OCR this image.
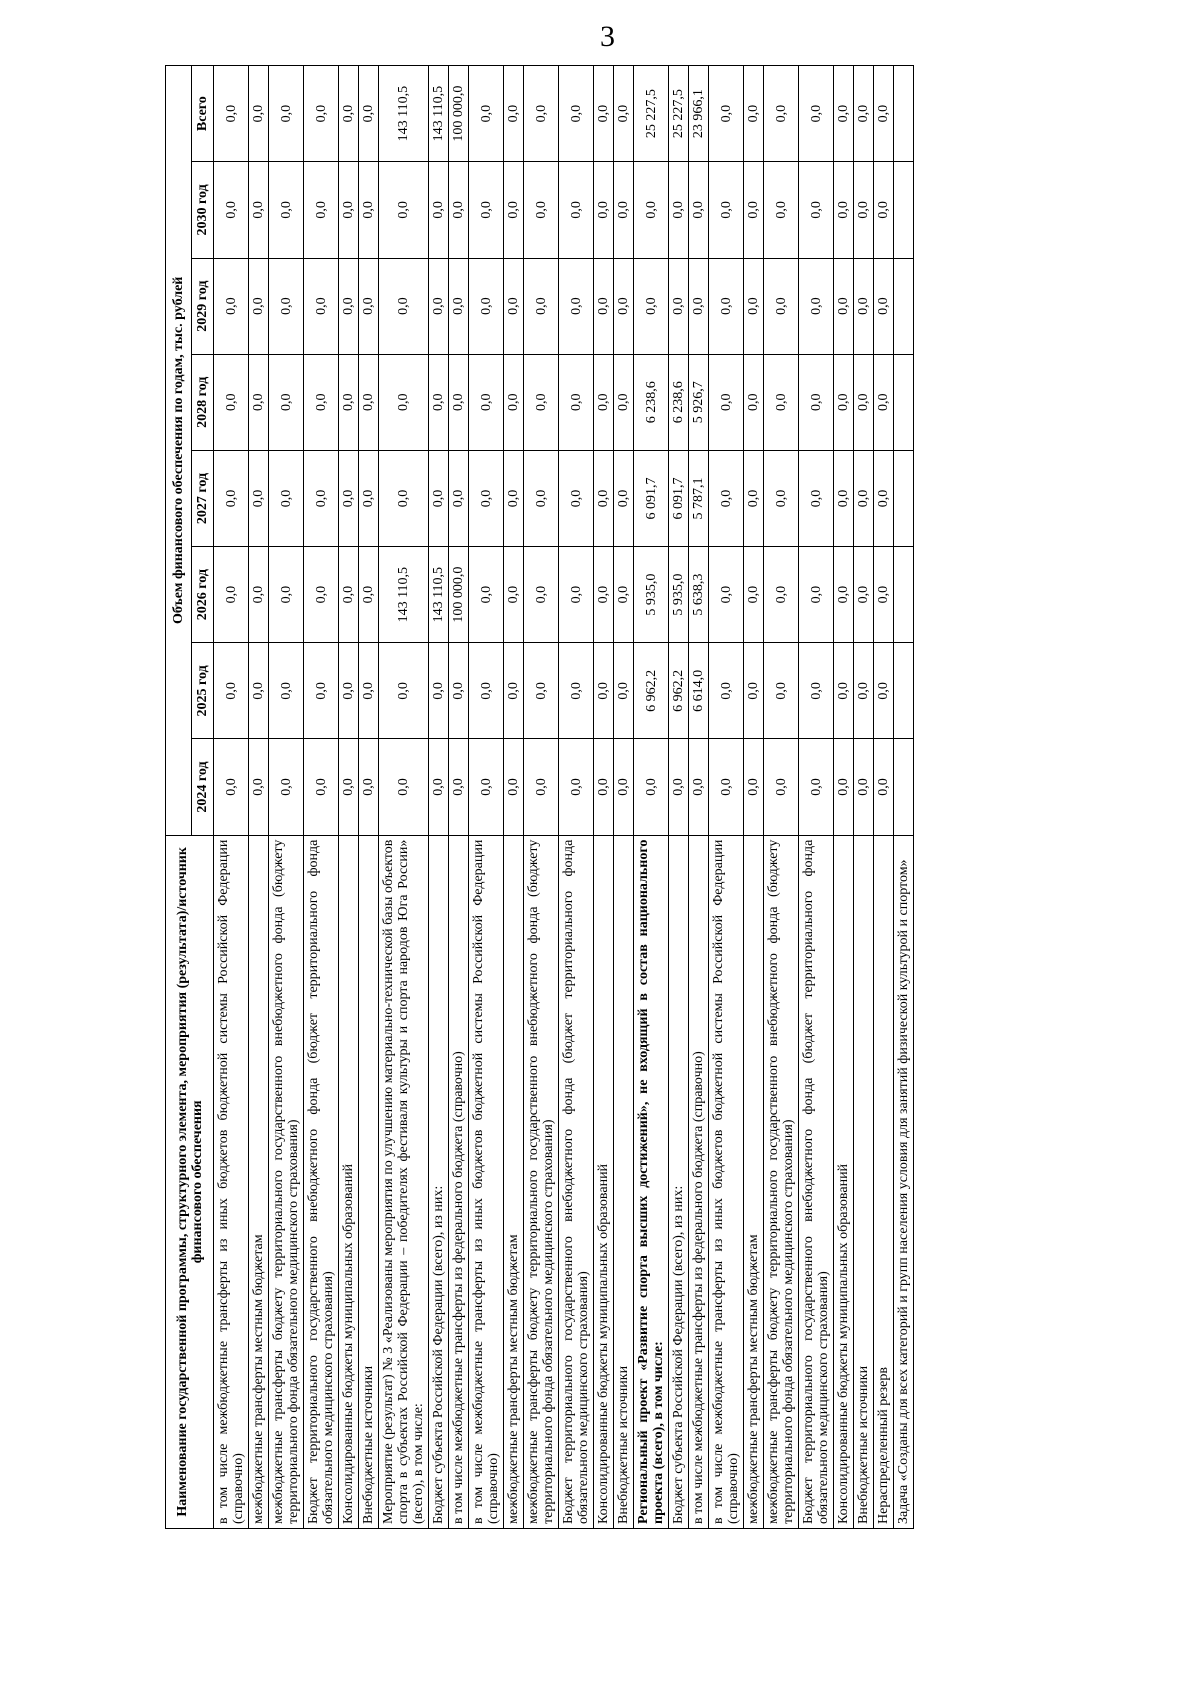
3
Наименование государственной программы, структурного элемента, мероприятия (результата)/источник финансового обеспечения	Объем финансового обеспечения по годам, тыс. рублей							
	2024 год	2025 год	2026 год	2027 год	2028 год	2029 год	2030 год	Всего
в том числе межбюджетные трансферты из иных бюджетов бюджетной системы Российской Федерации (справочно)	0,0	0,0	0,0	0,0	0,0	0,0	0,0	0,0
межбюджетные трансферты местным бюджетам	0,0	0,0	0,0	0,0	0,0	0,0	0,0	0,0
межбюджетные трансферты бюджету территориального государственного внебюджетного фонда (бюджету территориального фонда обязательного медицинского страхования)	0,0	0,0	0,0	0,0	0,0	0,0	0,0	0,0
Бюджет территориального государственного внебюджетного фонда (бюджет территориального фонда обязательного медицинского страхования)	0,0	0,0	0,0	0,0	0,0	0,0	0,0	0,0
Консолидированные бюджеты муниципальных образований	0,0	0,0	0,0	0,0	0,0	0,0	0,0	0,0
Внебюджетные источники	0,0	0,0	0,0	0,0	0,0	0,0	0,0	0,0
Мероприятие (результат) № 3 «Реализованы мероприятия по улучшению материально-технической базы объектов спорта в субъектах Российской Федерации – победителях фестиваля культуры и спорта народов Юга России» (всего), в том числе:	0,0	0,0	143 110,5	0,0	0,0	0,0	0,0	143 110,5
Бюджет субъекта Российской Федерации (всего), из них:	0,0	0,0	143 110,5	0,0	0,0	0,0	0,0	143 110,5
в том числе межбюджетные трансферты из федерального бюджета (справочно)	0,0	0,0	100 000,0	0,0	0,0	0,0	0,0	100 000,0
в том числе межбюджетные трансферты из иных бюджетов бюджетной системы Российской Федерации (справочно)	0,0	0,0	0,0	0,0	0,0	0,0	0,0	0,0
межбюджетные трансферты местным бюджетам	0,0	0,0	0,0	0,0	0,0	0,0	0,0	0,0
межбюджетные трансферты бюджету территориального государственного внебюджетного фонда (бюджету территориального фонда обязательного медицинского страхования)	0,0	0,0	0,0	0,0	0,0	0,0	0,0	0,0
Бюджет территориального государственного внебюджетного фонда (бюджет территориального фонда обязательного медицинского страхования)	0,0	0,0	0,0	0,0	0,0	0,0	0,0	0,0
Консолидированные бюджеты муниципальных образований	0,0	0,0	0,0	0,0	0,0	0,0	0,0	0,0
Внебюджетные источники	0,0	0,0	0,0	0,0	0,0	0,0	0,0	0,0
Региональный проект «Развитие спорта высших достижений», не входящий в состав национального проекта (всего), в том числе:	0,0	6 962,2	5 935,0	6 091,7	6 238,6	0,0	0,0	25 227,5
Бюджет субъекта Российской Федерации (всего), из них:	0,0	6 962,2	5 935,0	6 091,7	6 238,6	0,0	0,0	25 227,5
в том числе межбюджетные трансферты из федерального бюджета (справочно)	0,0	6 614,0	5 638,3	5 787,1	5 926,7	0,0	0,0	23 966,1
в том числе межбюджетные трансферты из иных бюджетов бюджетной системы Российской Федерации (справочно)	0,0	0,0	0,0	0,0	0,0	0,0	0,0	0,0
межбюджетные трансферты местным бюджетам	0,0	0,0	0,0	0,0	0,0	0,0	0,0	0,0
межбюджетные трансферты бюджету территориального государственного внебюджетного фонда (бюджету территориального фонда обязательного медицинского страхования)	0,0	0,0	0,0	0,0	0,0	0,0	0,0	0,0
Бюджет территориального государственного внебюджетного фонда (бюджет территориального фонда обязательного медицинского страхования)	0,0	0,0	0,0	0,0	0,0	0,0	0,0	0,0
Консолидированные бюджеты муниципальных образований	0,0	0,0	0,0	0,0	0,0	0,0	0,0	0,0
Внебюджетные источники	0,0	0,0	0,0	0,0	0,0	0,0	0,0	0,0
Нераспределенный резерв	0,0	0,0	0,0	0,0	0,0	0,0	0,0	0,0
Задача «Созданы для всех категорий и групп населения условия для занятий физической культурой и спортом»								
